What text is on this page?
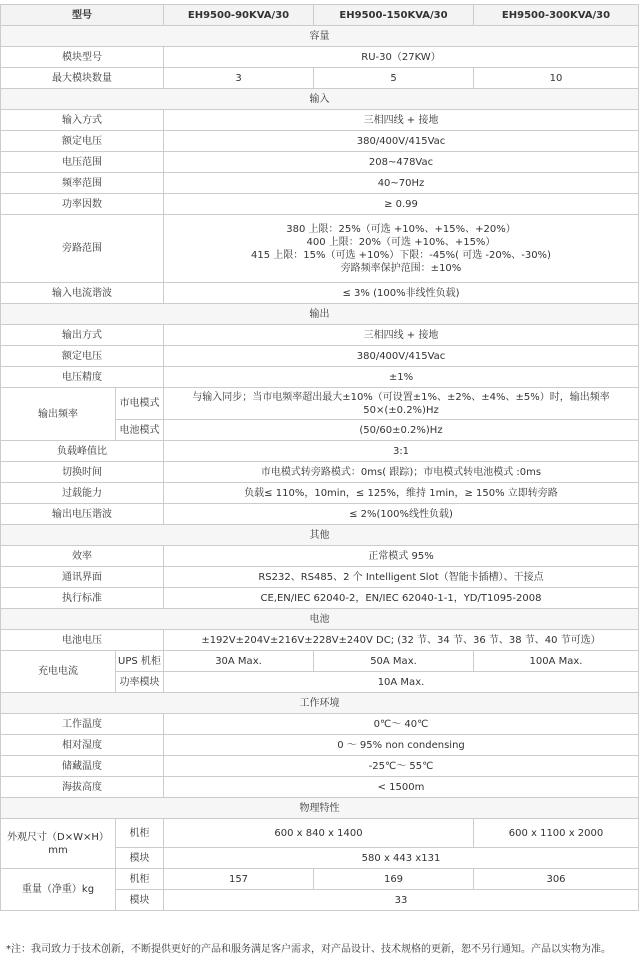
型号		EH9500-90KVA/30	EH9500-150KVA/30	EH9500-300KVA/30
容量				
模块型号		RU-30（27KW）		
最大模块数量		3	5	10
输入				
输入方式		三相四线 + 接地		
额定电压		380/400V/415Vac		
电压范围		208~478Vac		
频率范围		40~70Hz		
功率因数		≥ 0.99		
旁路范围		380 上限：25%（可选 +10%、+15%、+20%）
400 上限：20%（可选 +10%、+15%）
415 上限：15%（可选 +10%）下限：-45%( 可选 -20%、-30%)
旁路频率保护范围：±10%		

输入电流谐波		≤ 3% (100%非线性负载)		
输出				
输出方式		三相四线 + 接地		
额定电压		380/400V/415Vac		
电压精度		±1%		
输出频率	市电模式	与输入同步；当市电频率超出最大±10%（可设置±1%、±2%、±4%、±5%）时，输出频率
50×(±0.2%)Hz		

	电池模式	(50/60±0.2%)Hz		
负载峰值比		3:1		
切换时间		市电模式转旁路模式：0ms( 跟踪)；市电模式转电池模式 :0ms		
过载能力		负载≤ 110%，10min，≤ 125%，维持 1min，≥ 150% 立即转旁路		
输出电压谐波		≤ 2%(100%线性负载)		
其他				
效率		正常模式 95%		
通讯界面		RS232、RS485、2 个 Intelligent Slot（智能卡插槽）、干接点		
执行标准		CE,EN/IEC 62040-2，EN/IEC 62040-1-1，YD/T1095-2008		
电池				
电池电压		±192V±204V±216V±228V±240V DC; (32 节、34 节、36 节、38 节、40 节可选）		
充电电流	UPS 机柜	30A Max.	50A Max.	100A Max.
	功率模块	10A Max.		
工作环境				
工作温度		0℃～ 40℃		
相对湿度		0 ～ 95% non condensing		
储藏温度		-25℃～ 55℃		
海拔高度		< 1500m		
物理特性				

外观尺寸（D×W×H）
mm	机柜	600 x 840 x 1400		600 x 1100 x 2000
	模块	580 x 443 x131		
重量（净重）kg	机柜	157	169	306
	模块	33		
*注：我司致力于技术创新，不断提供更好的产品和服务满足客户需求，对产品设计、技术规格的更新，恕不另行通知。产品以实物为准。
